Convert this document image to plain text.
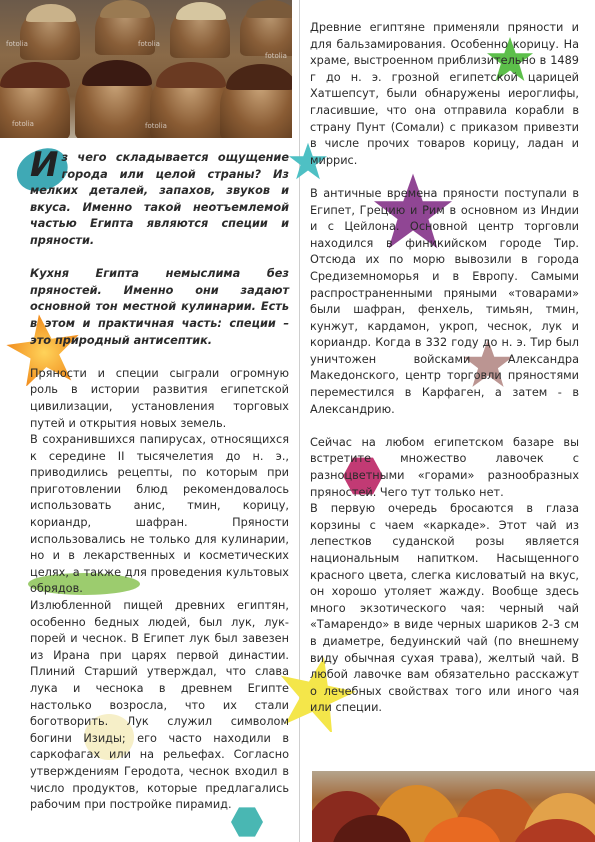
fotolia	fotolia
fotolia
fotolia	fotolia

Из чего складывается ощущение города или целой страны? Из мелких деталей, запахов, звуков и вкуса. Именно такой неотъемлемой частью Египта являются специи и пряности.

Кухня Египта немыслима без пряностей. Именно они задают основной тон местной кулинарии. Есть в этом и практичная часть: специи – это природный антисептик.

Пряности и специи сыграли огромную роль в истории развития египетской цивилизации, установления торговых путей и открытия новых земель.

В сохранившихся папирусах, относящихся к середине II тысячелетия до н. э., приводились рецепты, по которым при приготовлении блюд рекомендовалось использовать анис, тмин, корицу, кориандр, шафран. Пряности использовались не только для кулинарии, но и в лекарственных и косметических целях, а также для проведения культовых обрядов.

Излюбленной пищей древних египтян, особенно бедных людей, был лук, лук-порей и чеснок. В Египет лук был завезен из Ирана при царях первой династии. Плиний Старший утверждал, что слава лука и чеснока в древнем Египте настолько возросла, что их стали боготворить. Лук служил символом богини Изиды; его часто находили в саркофагах или на рельефах. Согласно утверждениям Геродота, чеснок входил в число продуктов, которые предлагались рабочим при постройке пирамид.

Древние египтяне применяли пряности и для бальзамирования. Особенно корицу. На храме, выстроенном приблизительно в 1489 г до н. э. грозной египетской царицей Хатшепсут, были обнаружены иероглифы, гласившие, что она отправила корабли в страну Пунт (Сомали) с приказом привезти в числе прочих товаров корицу, ладан и миррис.

В античные времена пряности поступали в Египет, Грецию и Рим в основном из Индии и с Цейлона. Основной центр торговли находился в финикийском городе Тир. Отсюда их по морю вывозили в города Средиземноморья и в Европу. Самыми распространенными пряными «товарами» были шафран, фенхель, тимьян, тмин, кунжут, кардамон, укроп, чеснок, лук и кориандр. Когда в 332 году до н. э. Тир был уничтожен войсками Александра Македонского, центр торговли пряностями переместился в Карфаген, а затем - в Александрию.

Сейчас на любом египетском базаре вы встретите множество лавочек с разноцветными «горами» разнообразных пряностей. Чего тут только нет.

В первую очередь бросаются в глаза корзины с чаем «каркаде». Этот чай из лепестков суданской розы является национальным напитком. Насыщенного красного цвета, слегка кисловатый на вкус, он хорошо утоляет жажду. Вообще здесь много экзотического чая: черный чай «Тамарендо» в виде черных шариков 2-3 см в диаметре, бедуинский чай (по внешнему виду обычная сухая трава), желтый чай. В любой лавочке вам обязательно расскажут о лечебных свойствах того или иного чая или специи.
